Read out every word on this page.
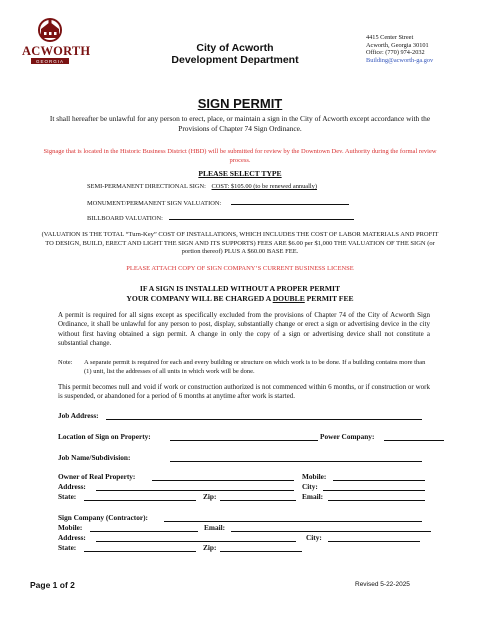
ACWORTH
GEORGIA
City of Acworth
Development Department
4415 Center Street
Acworth, Georgia 30101
Office: (770) 974-2032
Building@acworth-ga.gov
SIGN PERMIT
It shall hereafter be unlawful for any person to erect, place, or maintain a sign in the City of Acworth except accordance with the Provisions of Chapter 74 Sign Ordinance.
Signage that is located in the Historic Business District (HBD) will be submitted for review by the Downtown Dev. Authority during the formal review process.
PLEASE SELECT TYPE
SEMI-PERMANENT DIRECTIONAL SIGN: COST: $105.00 (to be renewed annually)
MONUMENT/PERMANENT SIGN VALUATION:
BILLBOARD VALUATION:
(VALUATION IS THE TOTAL “Turn-Key” COST OF INSTALLATIONS, WHICH INCLUDES THE COST OF LABOR MATERIALS AND PROFIT TO DESIGN, BUILD, ERECT AND LIGHT THE SIGN AND ITS SUPPORTS) FEES ARE $6.00 per $1,000 THE VALUATION OF THE SIGN (or portion thereof) PLUS A $60.00 BASE FEE.
PLEASE ATTACH COPY OF SIGN COMPANY’S CURRENT BUSINESS LICENSE
IF A SIGN IS INSTALLED WITHOUT A PROPER PERMIT
YOUR COMPANY WILL BE CHARGED A DOUBLE PERMIT FEE
A permit is required for all signs except as specifically excluded from the provisions of Chapter 74 of the City of Acworth Sign Ordinance, it shall be unlawful for any person to post, display, substantially change or erect a sign or advertising device in the city without first having obtained a sign permit. A change in only the copy of a sign or advertising device shall not constitute a substantial change.
Note: A separate permit is required for each and every building or structure on which work is to be done. If a building contains more than (1) unit, list the addresses of all units in which work will be done.
This permit becomes null and void if work or construction authorized is not commenced within 6 months, or if construction or work is suspended, or abandoned for a period of 6 months at anytime after work is started.
Job Address:
Location of Sign on Property:	Power Company:
Job Name/Subdivision:
Owner of Real Property:	Mobile:
Address:	City:
State:	Zip:	Email:
Sign Company (Contractor):
Mobile:	Email:
Address:	City:
State:	Zip:
Page 1 of 2	Revised 5-22-2025
